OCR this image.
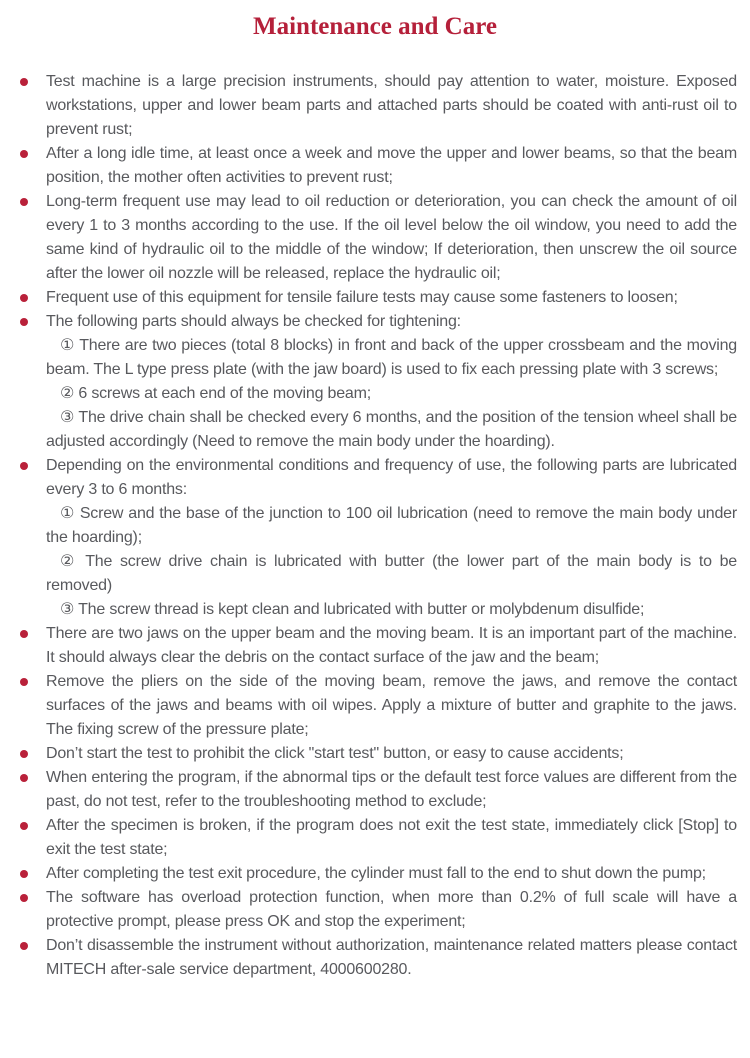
Maintenance and Care
Test machine is a large precision instruments, should pay attention to water, moisture. Exposed workstations, upper and lower beam parts and attached parts should be coated with anti-rust oil to prevent rust;
After a long idle time, at least once a week and move the upper and lower beams, so that the beam position, the mother often activities to prevent rust;
Long-term frequent use may lead to oil reduction or deterioration, you can check the amount of oil every 1 to 3 months according to the use. If the oil level below the oil window, you need to add the same kind of hydraulic oil to the middle of the window; If deterioration, then unscrew the oil source after the lower oil nozzle will be released, replace the hydraulic oil;
Frequent use of this equipment for tensile failure tests may cause some fasteners to loosen;
The following parts should always be checked for tightening:
① There are two pieces (total 8 blocks) in front and back of the upper crossbeam and the moving beam. The L type press plate (with the jaw board) is used to fix each pressing plate with 3 screws;
② 6 screws at each end of the moving beam;
③ The drive chain shall be checked every 6 months, and the position of the tension wheel shall be adjusted accordingly (Need to remove the main body under the hoarding).
Depending on the environmental conditions and frequency of use, the following parts are lubricated every 3 to 6 months:
① Screw and the base of the junction to 100 oil lubrication (need to remove the main body under the hoarding);
② The screw drive chain is lubricated with butter (the lower part of the main body is to be removed)
③ The screw thread is kept clean and lubricated with butter or molybdenum disulfide;
There are two jaws on the upper beam and the moving beam. It is an important part of the machine. It should always clear the debris on the contact surface of the jaw and the beam;
Remove the pliers on the side of the moving beam, remove the jaws, and remove the contact surfaces of the jaws and beams with oil wipes. Apply a mixture of butter and graphite to the jaws. The fixing screw of the pressure plate;
Don’t start the test to prohibit the click "start test" button, or easy to cause accidents;
When entering the program, if the abnormal tips or the default test force values are different from the past, do not test, refer to the troubleshooting method to exclude;
After the specimen is broken, if the program does not exit the test state, immediately click [Stop] to exit the test state;
After completing the test exit procedure, the cylinder must fall to the end to shut down the pump;
The software has overload protection function, when more than 0.2% of full scale will have a protective prompt, please press OK and stop the experiment;
Don’t disassemble the instrument without authorization, maintenance related matters please contact MITECH after-sale service department, 4000600280.
